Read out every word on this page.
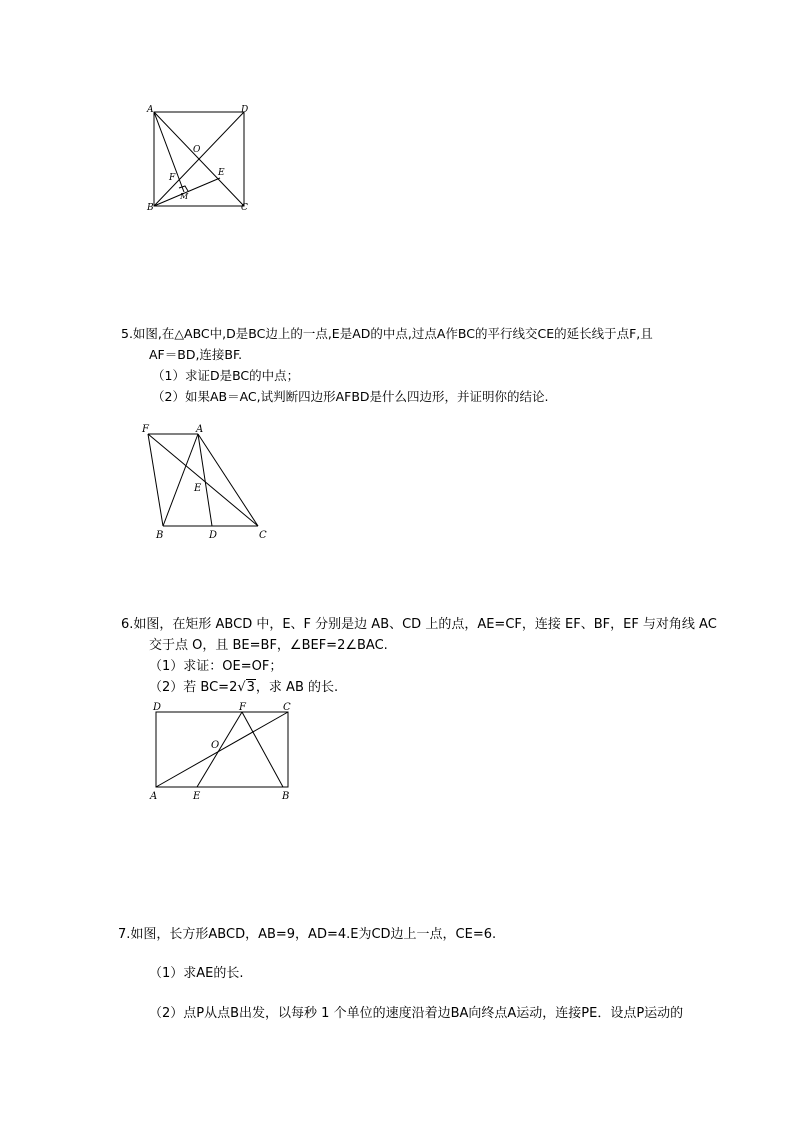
A	D
O
F	E
B
M
C
5.如图,在△ABC中,D是BC边上的一点,E是AD的中点,过点A作BC的平行线交CE的延长线于点F,且
AF＝BD,连接BF.
（1）求证D是BC的中点；
（2）如果AB＝AC,试判断四边形AFBD是什么四边形，并证明你的结论.
F	A
E
B	D	C
6.如图，在矩形 ABCD 中，E、F 分别是边 AB、CD 上的点，AE=CF，连接 EF、BF，EF 与对角线 AC
交于点 O，且 BE=BF，∠BEF=2∠BAC.
（1）求证：OE=OF；
（2）若 BC=2√3，求 AB 的长.
D	F	C
O
A	E	B
7.如图，长方形ABCD，AB=9，AD=4.E为CD边上一点，CE=6.
（1）求AE的长.
（2）点P从点B出发，以每秒 1 个单位的速度沿着边BA向终点A运动，连接PE．设点P运动的
